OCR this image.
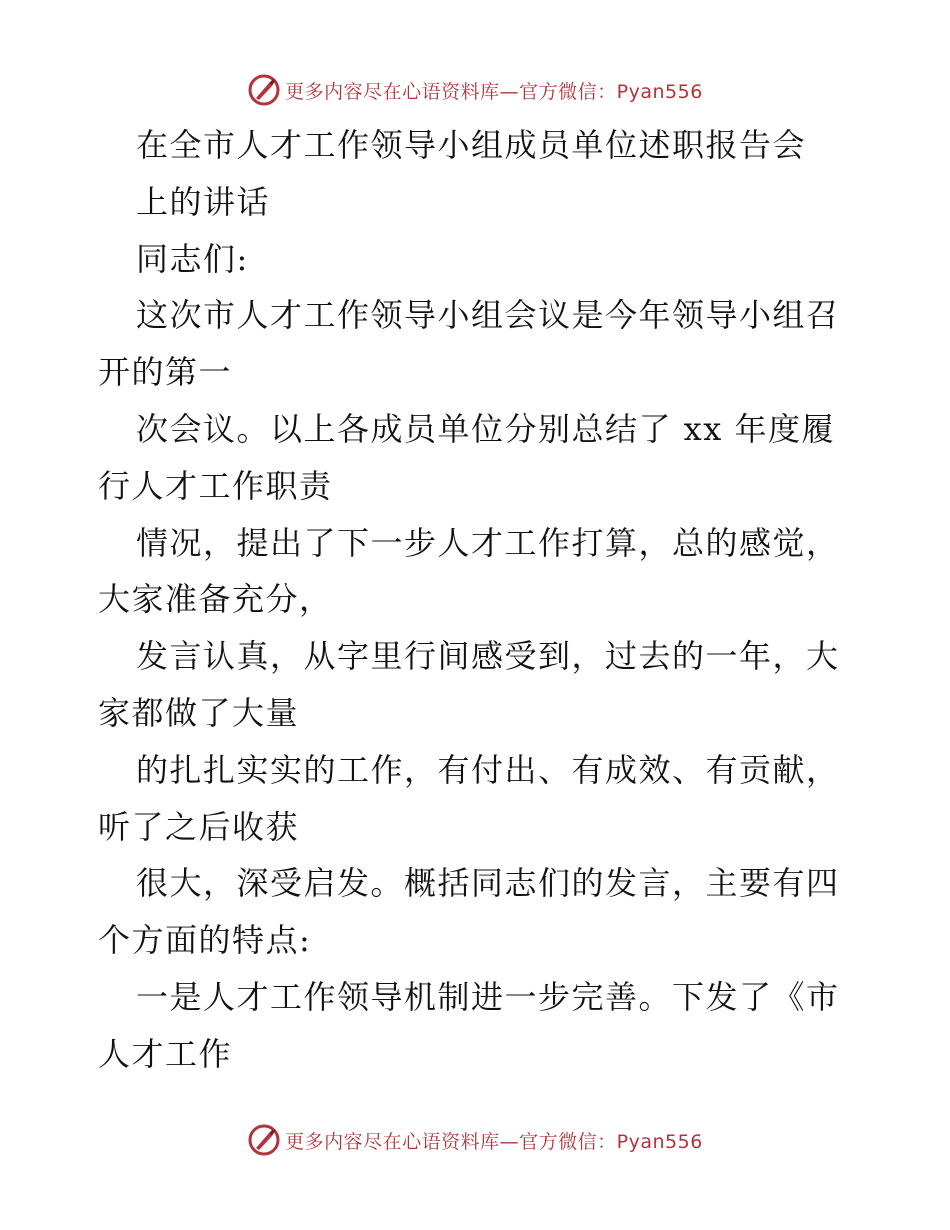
更多内容尽在心语资料库—官方微信：Pyan556
在全市人才工作领导小组成员单位述职报告会
上的讲话
同志们:
这次市人才工作领导小组会议是今年领导小组召
开的第一
次会议。以上各成员单位分别总结了 xx 年度履
行人才工作职责
情况，提出了下一步人才工作打算，总的感觉，
大家准备充分，
发言认真，从字里行间感受到，过去的一年，大
家都做了大量
的扎扎实实的工作，有付出、有成效、有贡献，
听了之后收获
很大，深受启发。概括同志们的发言，主要有四
个方面的特点:
一是人才工作领导机制进一步完善。下发了《市
人才工作
更多内容尽在心语资料库—官方微信：Pyan556
